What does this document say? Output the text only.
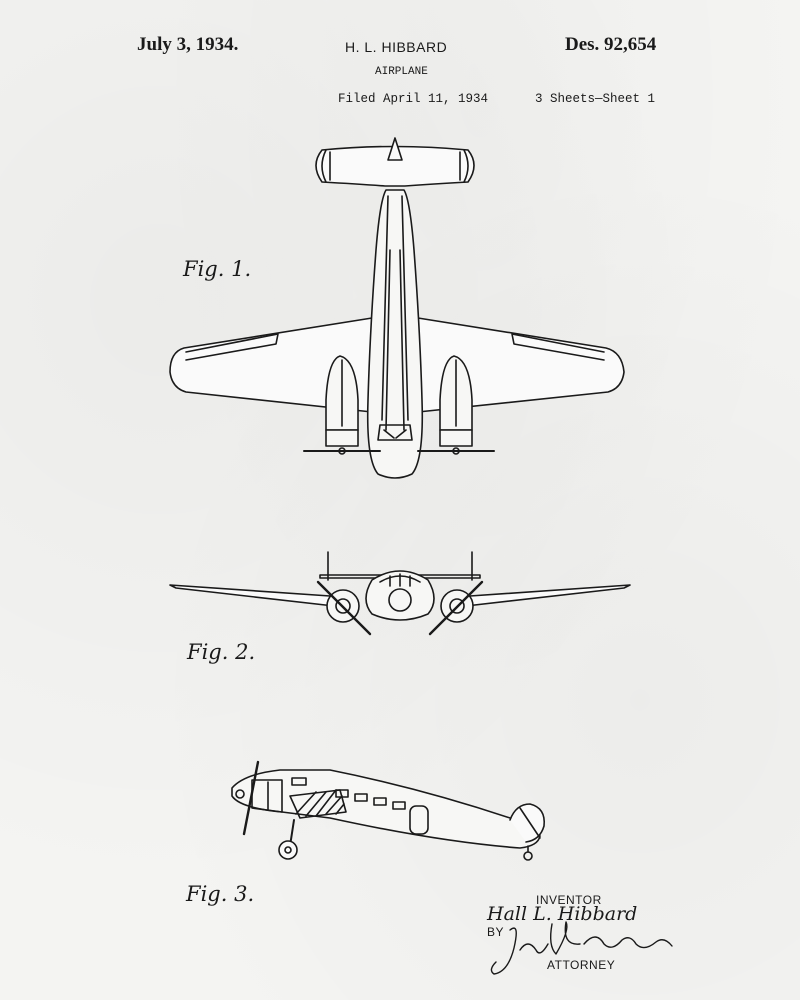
July 3, 1934.	H. L. HIBBARD
AIRPLANE
Filed April 11, 1934
Des. 92,654
3 Sheets—Sheet 1
Fig. 1.
Fig. 2.
Fig. 3.	INVENTOR
Hall L. Hibbard
BY
ATTORNEY
